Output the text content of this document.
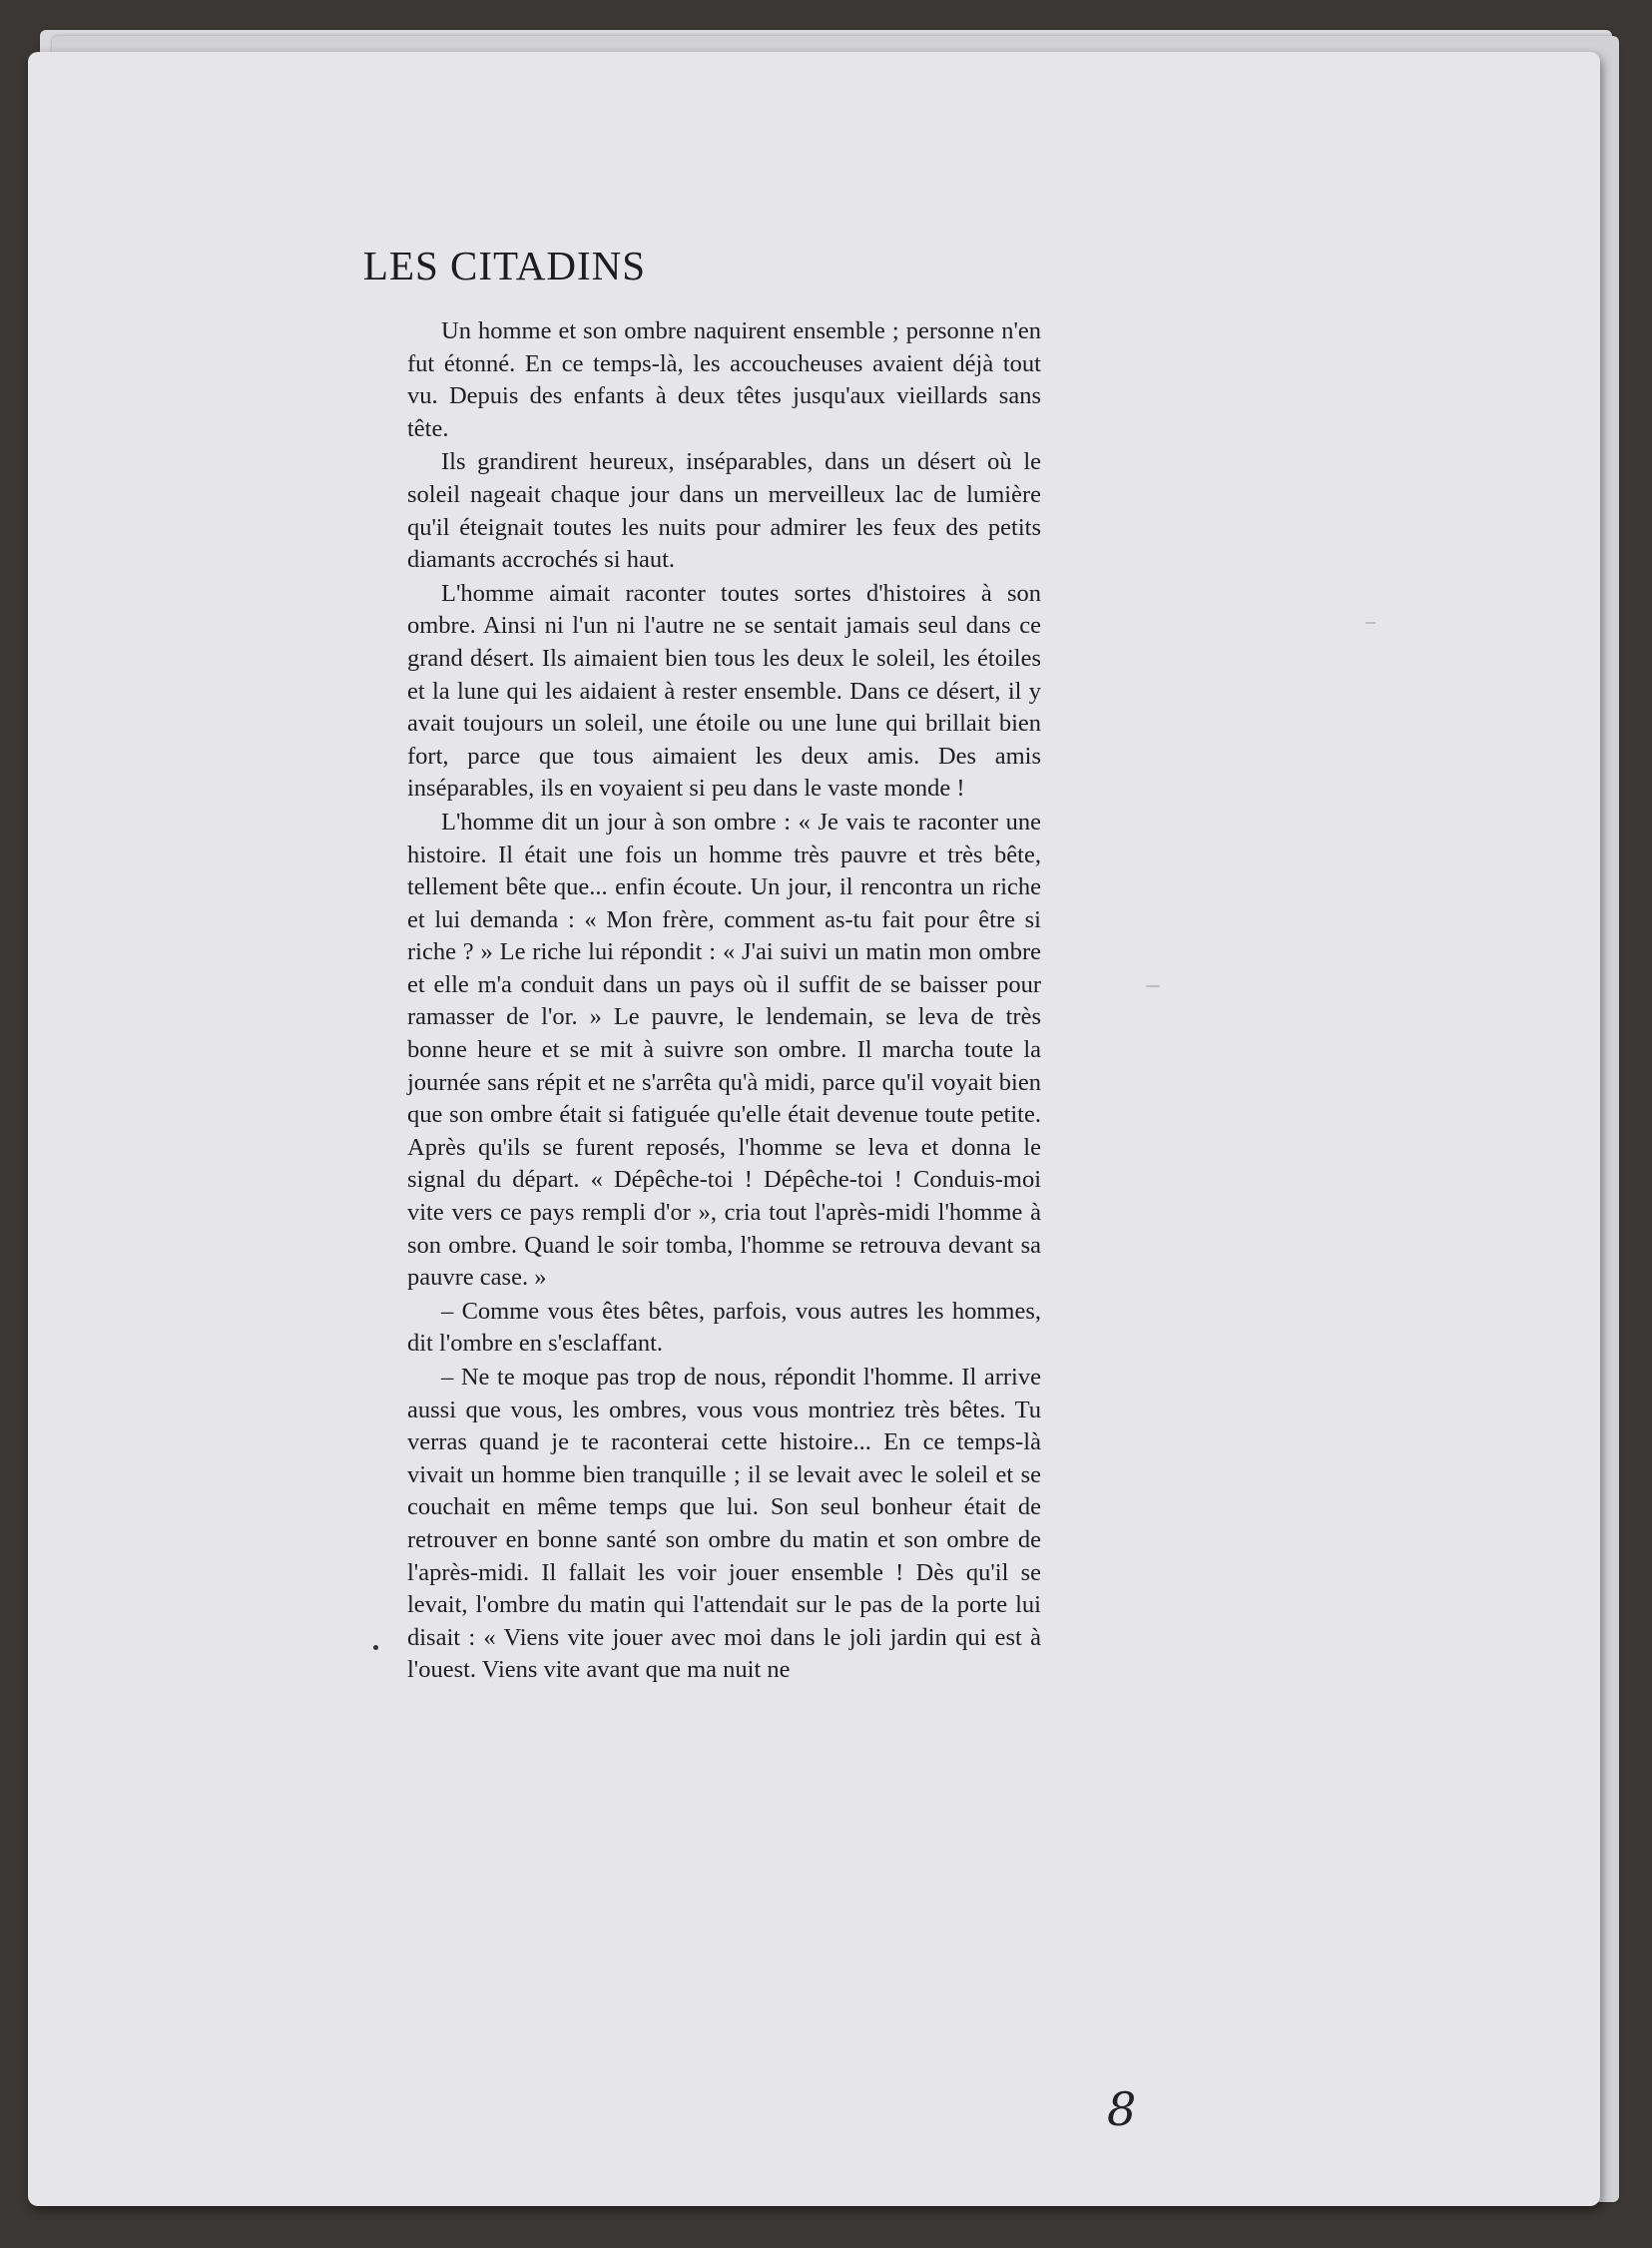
LES CITADINS

Un homme et son ombre naquirent ensemble ; personne n'en fut étonné. En ce temps-là, les accoucheuses avaient déjà tout vu. Depuis des enfants à deux têtes jusqu'aux vieillards sans tête.

Ils grandirent heureux, inséparables, dans un désert où le soleil nageait chaque jour dans un merveilleux lac de lumière qu'il éteignait toutes les nuits pour admirer les feux des petits diamants accrochés si haut.

L'homme aimait raconter toutes sortes d'histoires à son ombre. Ainsi ni l'un ni l'autre ne se sentait jamais seul dans ce grand désert. Ils aimaient bien tous les deux le soleil, les étoiles et la lune qui les aidaient à rester ensemble. Dans ce désert, il y avait toujours un soleil, une étoile ou une lune qui brillait bien fort, parce que tous aimaient les deux amis. Des amis inséparables, ils en voyaient si peu dans le vaste monde !

L'homme dit un jour à son ombre : « Je vais te raconter une histoire. Il était une fois un homme très pauvre et très bête, tellement bête que... enfin écoute. Un jour, il rencontra un riche et lui demanda : « Mon frère, comment as-tu fait pour être si riche ? » Le riche lui répondit : « J'ai suivi un matin mon ombre et elle m'a conduit dans un pays où il suffit de se baisser pour ramasser de l'or. » Le pauvre, le lendemain, se leva de très bonne heure et se mit à suivre son ombre. Il marcha toute la journée sans répit et ne s'arrêta qu'à midi, parce qu'il voyait bien que son ombre était si fatiguée qu'elle était devenue toute petite. Après qu'ils se furent reposés, l'homme se leva et donna le signal du départ. « Dépêche-toi ! Dépêche-toi ! Conduis-moi vite vers ce pays rempli d'or », cria tout l'après-midi l'homme à son ombre. Quand le soir tomba, l'homme se retrouva devant sa pauvre case. »

– Comme vous êtes bêtes, parfois, vous autres les hommes, dit l'ombre en s'esclaffant.

– Ne te moque pas trop de nous, répondit l'homme. Il arrive aussi que vous, les ombres, vous vous montriez très bêtes. Tu verras quand je te raconterai cette histoire... En ce temps-là vivait un homme bien tranquille ; il se levait avec le soleil et se couchait en même temps que lui. Son seul bonheur était de retrouver en bonne santé son ombre du matin et son ombre de l'après-midi. Il fallait les voir jouer ensemble ! Dès qu'il se levait, l'ombre du matin qui l'attendait sur le pas de la porte lui disait : « Viens vite jouer avec moi dans le joli jardin qui est à l'ouest. Viens vite avant que ma nuit ne

8
